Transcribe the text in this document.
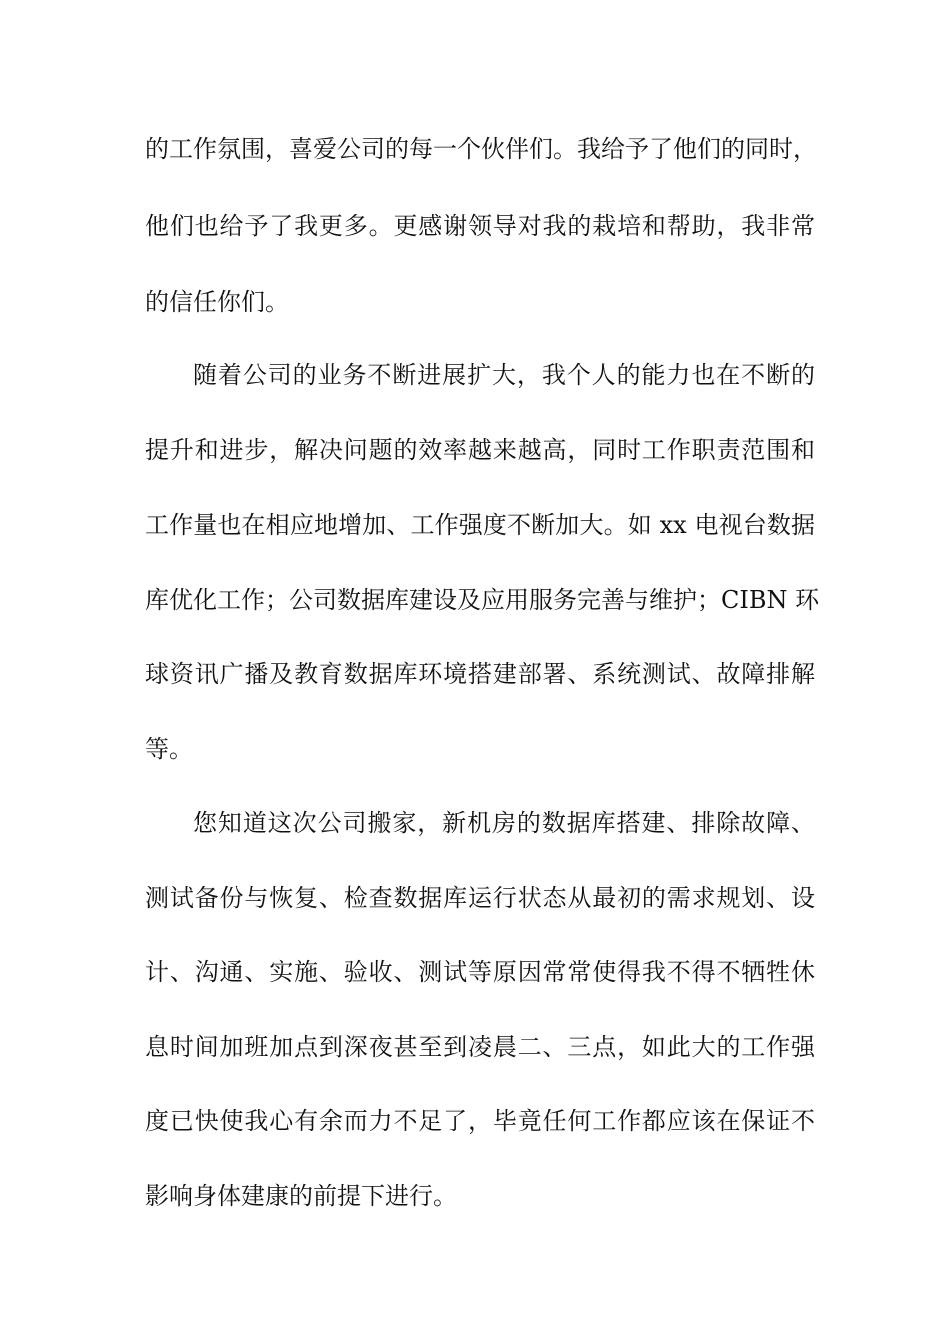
的工作氛围，喜爱公司的每一个伙伴们。我给予了他们的同时，
他们也给予了我更多。更感谢领导对我的栽培和帮助，我非常
的信任你们。
随着公司的业务不断进展扩大，我个人的能力也在不断的
提升和进步，解决问题的效率越来越高，同时工作职责范围和
工作量也在相应地增加、工作强度不断加大。如 xx 电视台数据
库优化工作；公司数据库建设及应用服务完善与维护；CIBN 环
球资讯广播及教育数据库环境搭建部署、系统测试、故障排解
等。
您知道这次公司搬家，新机房的数据库搭建、排除故障、
测试备份与恢复、检查数据库运行状态从最初的需求规划、设
计、沟通、实施、验收、测试等原因常常使得我不得不牺牲休
息时间加班加点到深夜甚至到凌晨二、三点，如此大的工作强
度已快使我心有余而力不足了，毕竟任何工作都应该在保证不
影响身体建康的前提下进行。
